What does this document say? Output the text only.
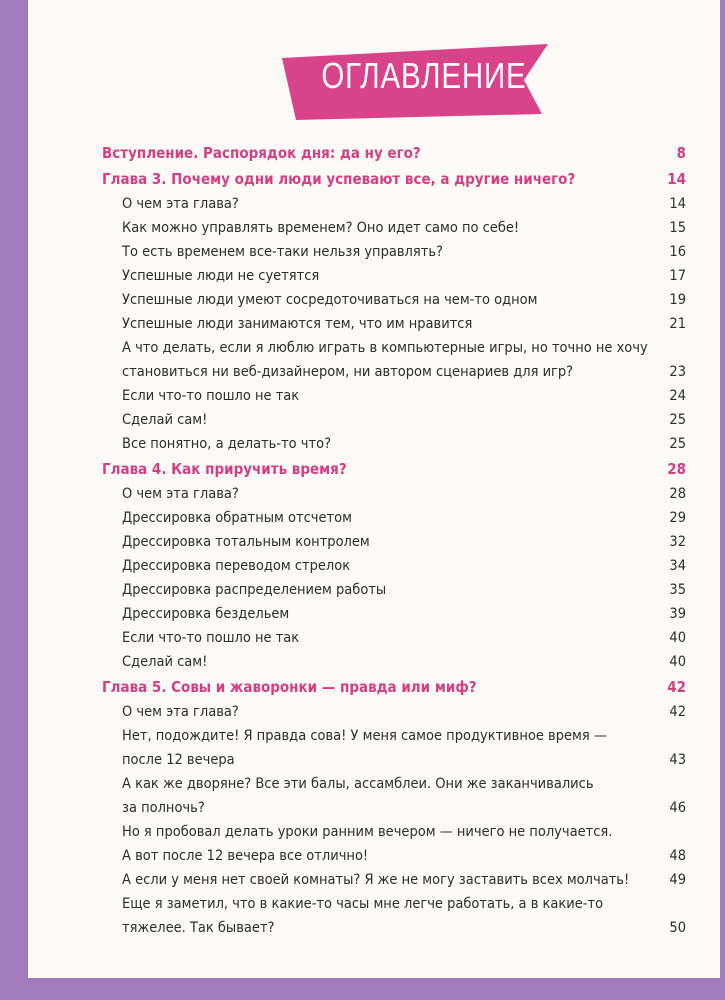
ОГЛАВЛЕНИЕ
Вступление. Распорядок дня: да ну его?	8
Глава 3. Почему одни люди успевают все, а другие ничего?	14
О чем эта глава?	14
Как можно управлять временем? Оно идет само по себе!	15
То есть временем все-таки нельзя управлять?	16
Успешные люди не суетятся	17
Успешные люди умеют сосредоточиваться на чем-то одном	19
Успешные люди занимаются тем, что им нравится	21
А что делать, если я люблю играть в компьютерные игры, но точно не хочу
становиться ни веб-дизайнером, ни автором сценариев для игр?	23
Если что-то пошло не так	24
Сделай сам!	25
Все понятно, а делать-то что?	25
Глава 4. Как приручить время?	28
О чем эта глава?	28
Дрессировка обратным отсчетом	29
Дрессировка тотальным контролем	32
Дрессировка переводом стрелок	34
Дрессировка распределением работы	35
Дрессировка бездельем	39
Если что-то пошло не так	40
Сделай сам!	40
Глава 5. Совы и жаворонки — правда или миф?	42
О чем эта глава?	42
Нет, подождите! Я правда сова! У меня самое продуктивное время —
после 12 вечера	43
А как же дворяне? Все эти балы, ассамблеи. Они же заканчивались
за полночь?	46
Но я пробовал делать уроки ранним вечером — ничего не получается.
А вот после 12 вечера все отлично!	48
А если у меня нет своей комнаты? Я же не могу заставить всех молчать!	49
Еще я заметил, что в какие-то часы мне легче работать, а в какие-то
тяжелее. Так бывает?	50
